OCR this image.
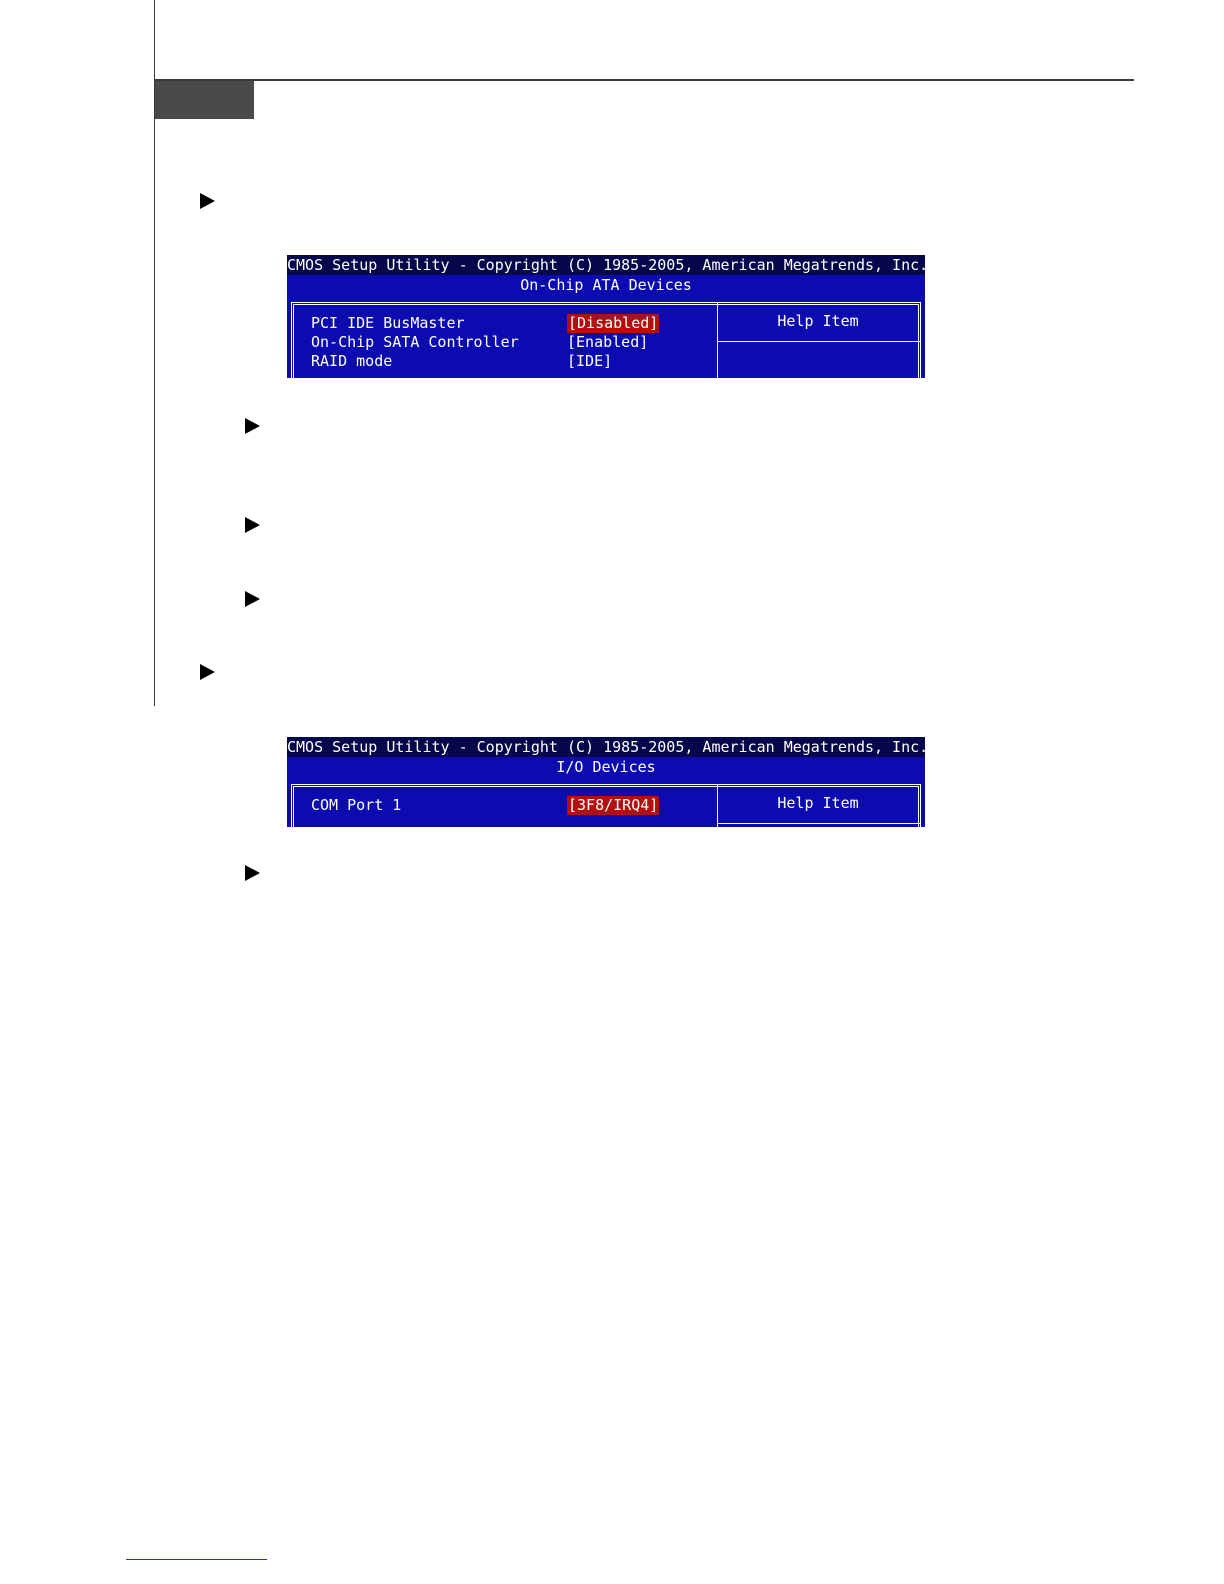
CMOS Setup Utility - Copyright (C) 1985-2005, American Megatrends, Inc.
On-Chip ATA Devices
PCI IDE BusMaster	[Disabled]
On-Chip SATA Controller	[Enabled]
RAID mode	[IDE]
Help Item

ENABLED: BIOS uses

PCI bus mastering f

CMOS Setup Utility - Copyright (C) 1985-2005, American Megatrends, Inc.
I/O Devices
COM Port 1	[3F8/IRQ4]	Help Item
